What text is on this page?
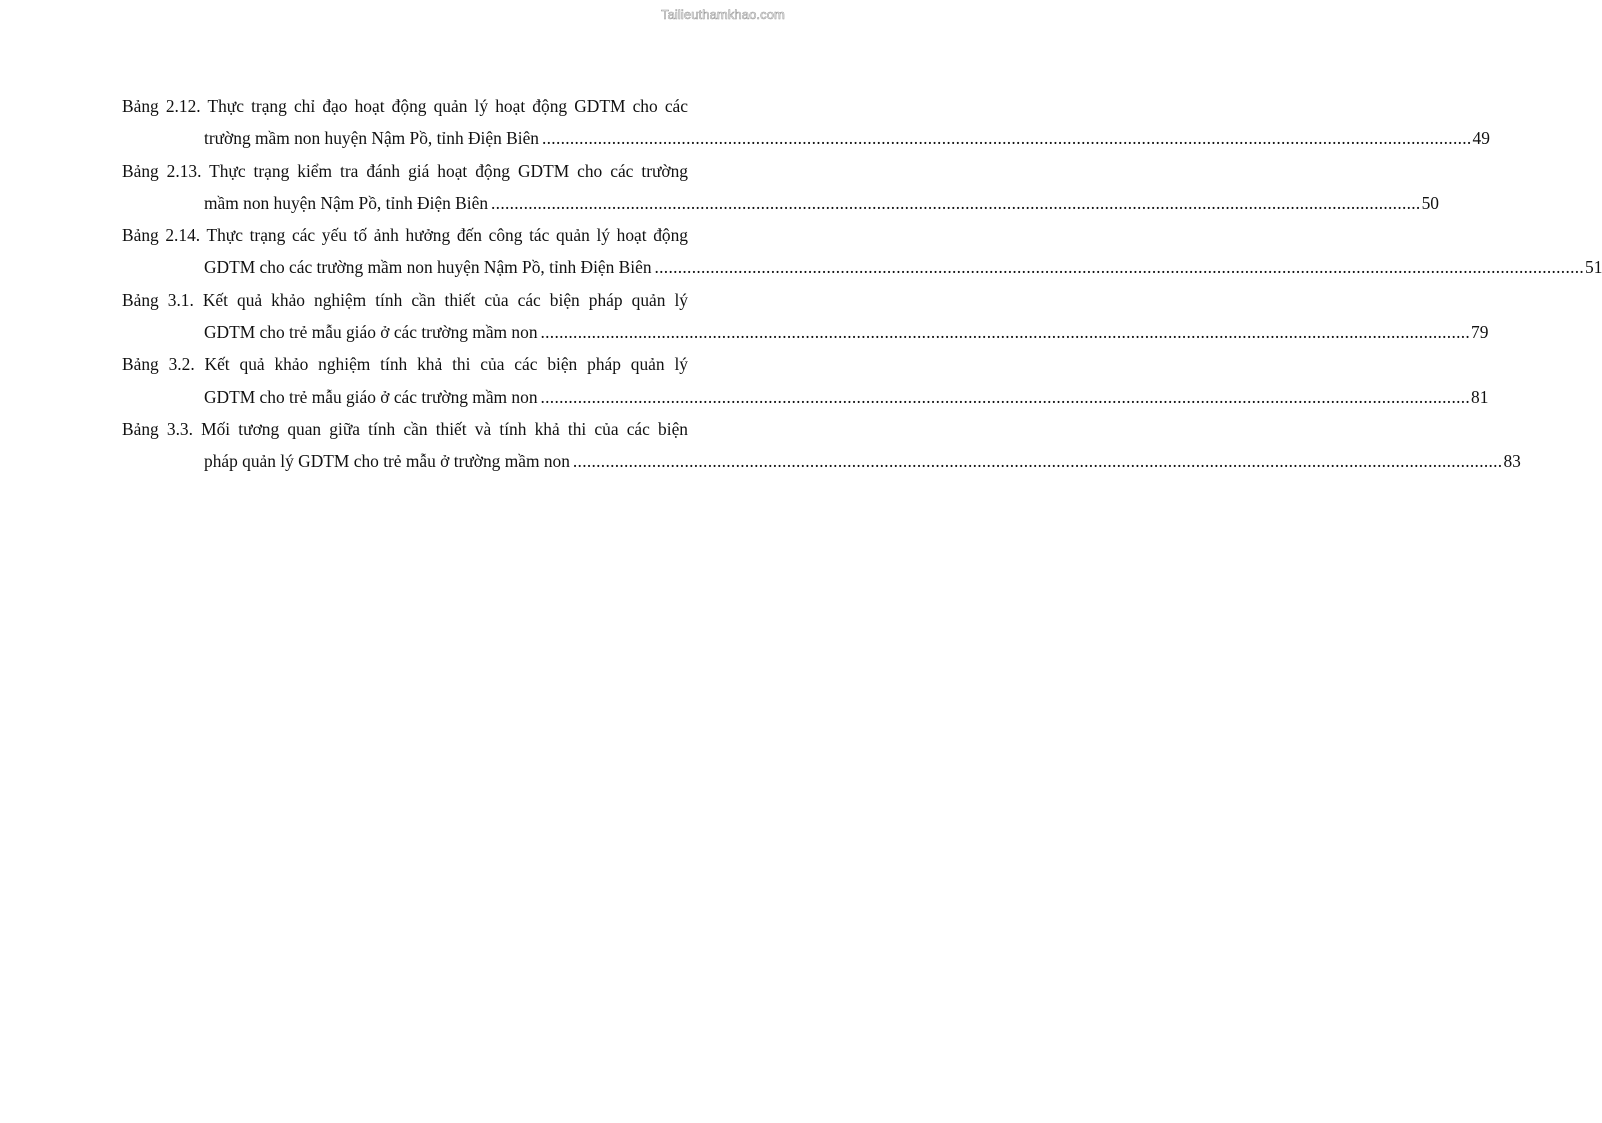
Tailieuthamkhao.com
Bảng 2.12. Thực trạng chỉ đạo hoạt động quản lý hoạt động GDTM cho các
trường mầm non huyện Nậm Pồ, tỉnh Điện Biên ........................................................................................................................................................................................................ 49
Bảng 2.13. Thực trạng kiểm tra đánh giá hoạt động GDTM cho các trường
mầm non huyện Nậm Pồ, tỉnh Điện Biên ........................................................................................................................................................................................................ 50
Bảng 2.14. Thực trạng các yếu tố ảnh hưởng đến công tác quản lý hoạt động
GDTM cho các trường mầm non huyện Nậm Pồ, tỉnh Điện Biên ........................................................................................................................................................................................................ 51
Bảng 3.1. Kết quả khảo nghiệm tính cần thiết của các biện pháp quản lý
GDTM cho trẻ mẫu giáo ở các trường mầm non ........................................................................................................................................................................................................ 79
Bảng 3.2. Kết quả khảo nghiệm tính khả thi của các biện pháp quản lý
GDTM cho trẻ mẫu giáo ở các trường mầm non ........................................................................................................................................................................................................ 81
Bảng 3.3. Mối tương quan giữa tính cần thiết và tính khả thi của các biện
pháp quản lý GDTM cho trẻ mẫu ở trường mầm non ........................................................................................................................................................................................................ 83
